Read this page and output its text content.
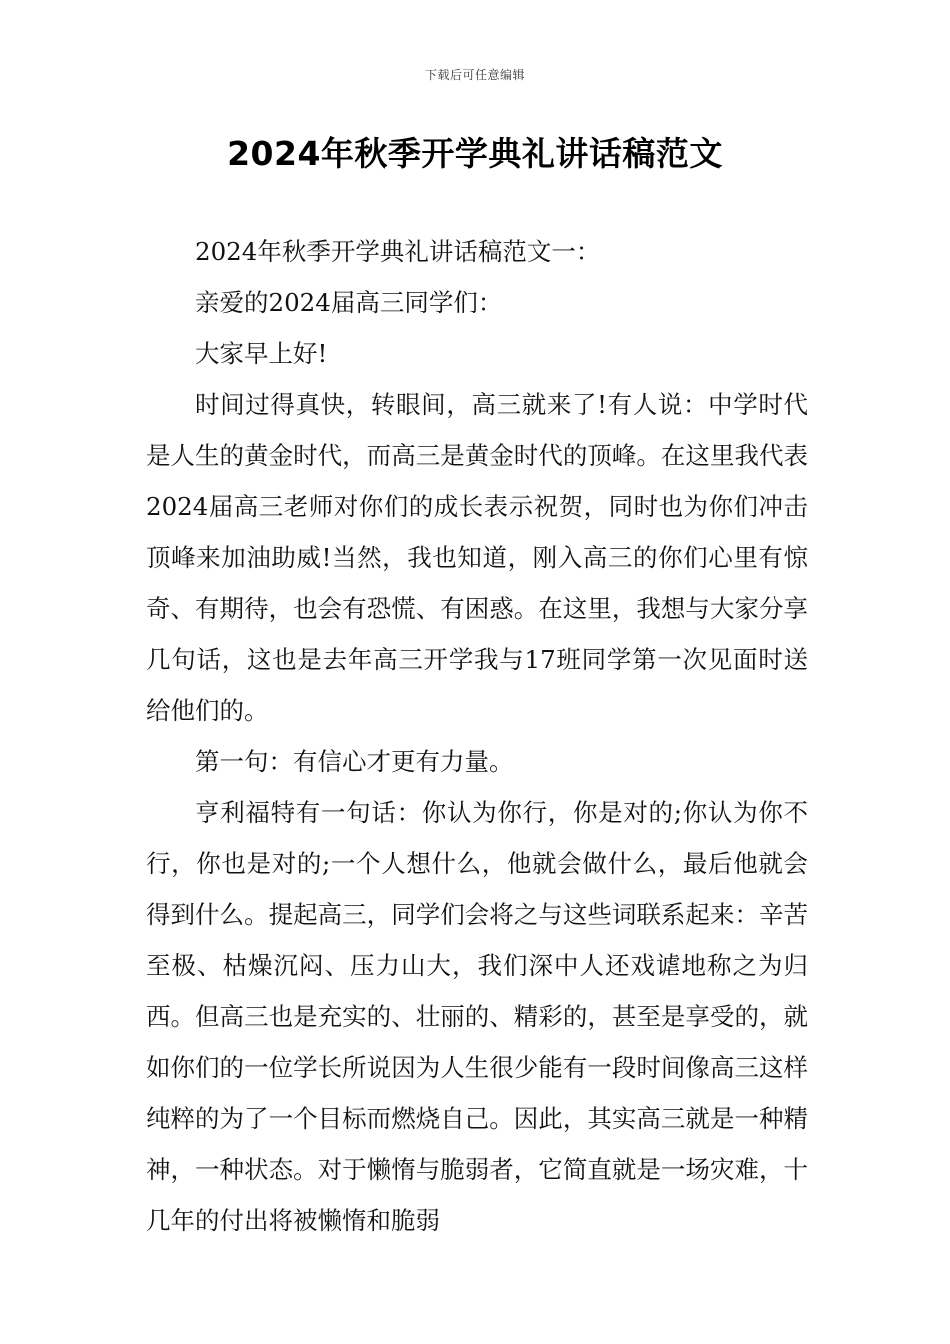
下载后可任意编辑
2024年秋季开学典礼讲话稿范文

2024年秋季开学典礼讲话稿范文一：

亲爱的2024届高三同学们：

大家早上好!

时间过得真快，转眼间，高三就来了!有人说：中学时代是人生的黄金时代，而高三是黄金时代的顶峰。在这里我代表2024届高三老师对你们的成长表示祝贺，同时也为你们冲击顶峰来加油助威!当然，我也知道，刚入高三的你们心里有惊奇、有期待，也会有恐慌、有困惑。在这里，我想与大家分享几句话，这也是去年高三开学我与17班同学第一次见面时送给他们的。

第一句：有信心才更有力量。

亨利福特有一句话：你认为你行，你是对的;你认为你不行，你也是对的;一个人想什么，他就会做什么，最后他就会得到什么。提起高三，同学们会将之与这些词联系起来：辛苦至极、枯燥沉闷、压力山大，我们深中人还戏谑地称之为归西。但高三也是充实的、壮丽的、精彩的，甚至是享受的，就如你们的一位学长所说因为人生很少能有一段时间像高三这样纯粹的为了一个目标而燃烧自己。因此，其实高三就是一种精神，一种状态。对于懒惰与脆弱者，它简直就是一场灾难，十几年的付出将被懒惰和脆弱
